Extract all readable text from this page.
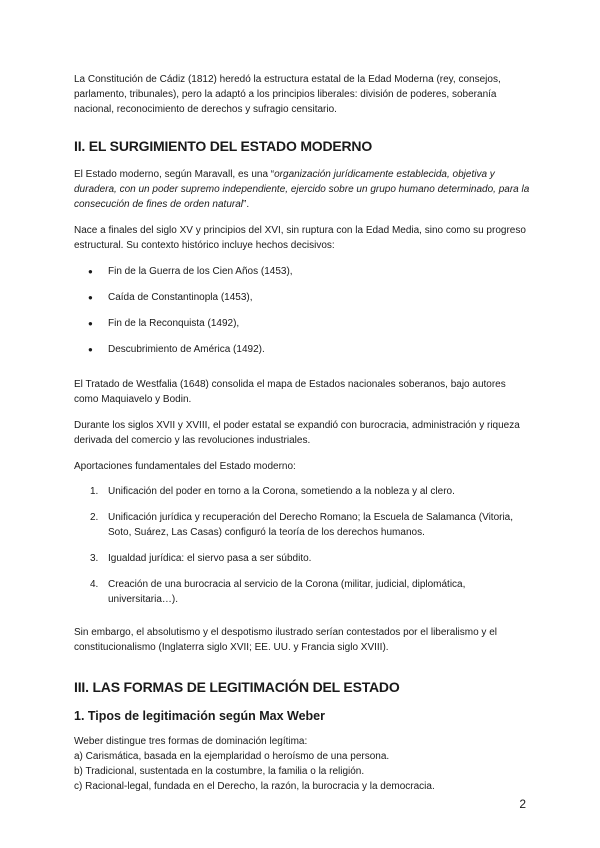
La Constitución de Cádiz (1812) heredó la estructura estatal de la Edad Moderna (rey, consejos, parlamento, tribunales), pero la adaptó a los principios liberales: división de poderes, soberanía nacional, reconocimiento de derechos y sufragio censitario.

II. EL SURGIMIENTO DEL ESTADO MODERNO

El Estado moderno, según Maravall, es una “organización jurídicamente establecida, objetiva y duradera, con un poder supremo independiente, ejercido sobre un grupo humano determinado, para la consecución de fines de orden natural”.

Nace a finales del siglo XV y principios del XVI, sin ruptura con la Edad Media, sino como su progreso estructural. Su contexto histórico incluye hechos decisivos:

● Fin de la Guerra de los Cien Años (1453),
● Caída de Constantinopla (1453),
● Fin de la Reconquista (1492),
● Descubrimiento de América (1492).

El Tratado de Westfalia (1648) consolida el mapa de Estados nacionales soberanos, bajo autores como Maquiavelo y Bodin.

Durante los siglos XVII y XVIII, el poder estatal se expandió con burocracia, administración y riqueza derivada del comercio y las revoluciones industriales.

Aportaciones fundamentales del Estado moderno:

1. Unificación del poder en torno a la Corona, sometiendo a la nobleza y al clero.
2. Unificación jurídica y recuperación del Derecho Romano; la Escuela de Salamanca (Vitoria, Soto, Suárez, Las Casas) configuró la teoría de los derechos humanos.
3. Igualdad jurídica: el siervo pasa a ser súbdito.
4. Creación de una burocracia al servicio de la Corona (militar, judicial, diplomática, universitaria…).

Sin embargo, el absolutismo y el despotismo ilustrado serían contestados por el liberalismo y el constitucionalismo (Inglaterra siglo XVII; EE. UU. y Francia siglo XVIII).

III. LAS FORMAS DE LEGITIMACIÓN DEL ESTADO
1. Tipos de legitimación según Max Weber

Weber distingue tres formas de dominación legítima:

a) Carismática, basada en la ejemplaridad o heroísmo de una persona.

b) Tradicional, sustentada en la costumbre, la familia o la religión.

c) Racional-legal, fundada en el Derecho, la razón, la burocracia y la democracia.

2
